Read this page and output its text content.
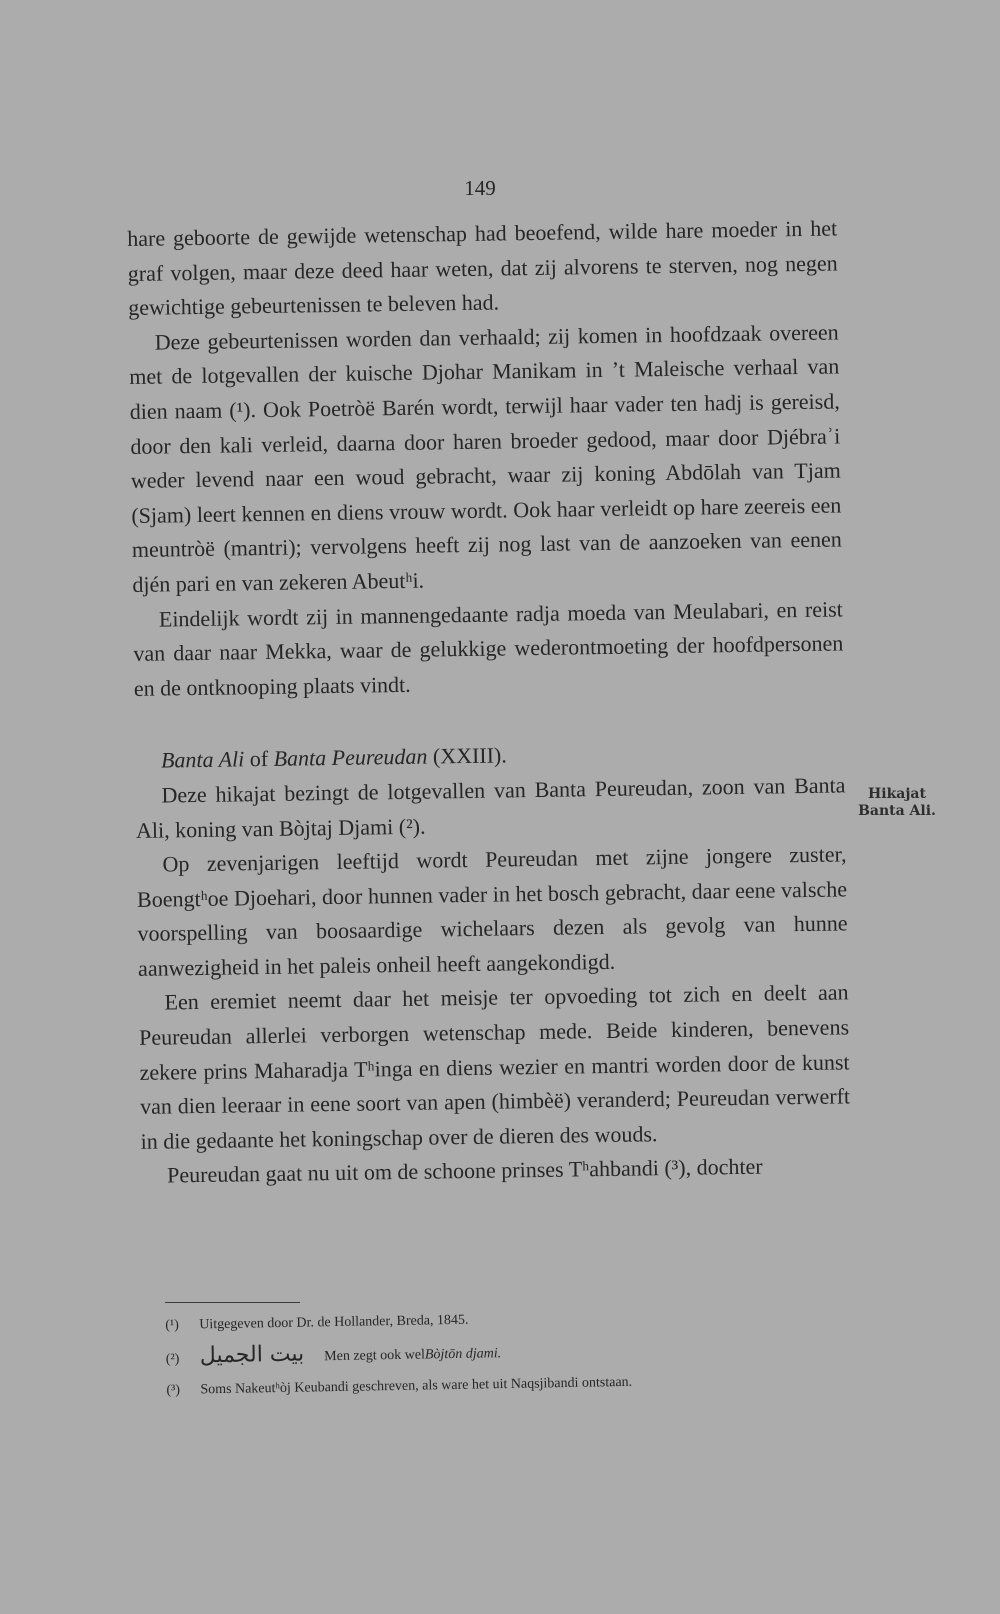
149

hare geboorte de gewijde wetenschap had beoefend, wilde hare moeder in het graf volgen, maar deze deed haar weten, dat zij alvorens te sterven, nog negen gewichtige gebeurtenissen te beleven had.

Deze gebeurtenissen worden dan verhaald; zij komen in hoofdzaak overeen met de lotgevallen der kuische Djohar Manikam in ’t Maleische verhaal van dien naam (¹). Ook Poetròë Barén wordt, terwijl haar vader ten hadj is gereisd, door den kali verleid, daarna door haren broeder gedood, maar door Djébraʾi weder levend naar een woud gebracht, waar zij koning Abdōlah van Tjam (Sjam) leert kennen en diens vrouw wordt. Ook haar verleidt op hare zeereis een meuntròë (mantri); vervolgens heeft zij nog last van de aanzoeken van eenen djén pari en van zekeren Abeutʰi.

Eindelijk wordt zij in mannengedaante radja moeda van Meulabari, en reist van daar naar Mekka, waar de gelukkige wederontmoeting der hoofdpersonen en de ontknooping plaats vindt.

Banta Ali of Banta Peureudan (XXIII).

Deze hikajat bezingt de lotgevallen van Banta Peureudan, zoon van Banta Ali, koning van Bòjtaj Djami (²).

Op zevenjarigen leeftijd wordt Peureudan met zijne jongere zuster, Boengtʰoe Djoehari, door hunnen vader in het bosch gebracht, daar eene valsche voorspelling van boosaardige wichelaars dezen als gevolg van hunne aanwezigheid in het paleis onheil heeft aangekondigd.

Een eremiet neemt daar het meisje ter opvoeding tot zich en deelt aan Peureudan allerlei verborgen wetenschap mede. Beide kinderen, benevens zekere prins Maharadja Tʰinga en diens wezier en mantri worden door de kunst van dien leeraar in eene soort van apen (himbèë) veranderd; Peureudan verwerft in die gedaante het koningschap over de dieren des wouds.

Peureudan gaat nu uit om de schoone prinses Tʰahbandi (³), dochter

Hikajat Banta Ali.
(¹)	Uitgegeven door Dr. de Hollander, Breda, 1845.
(²) بيت الجميل Men zegt ook wel Bòjtōn djami.
(³)	Soms Nakeutʰòj Keubandi geschreven, als ware het uit Naqsjibandi ontstaan.
